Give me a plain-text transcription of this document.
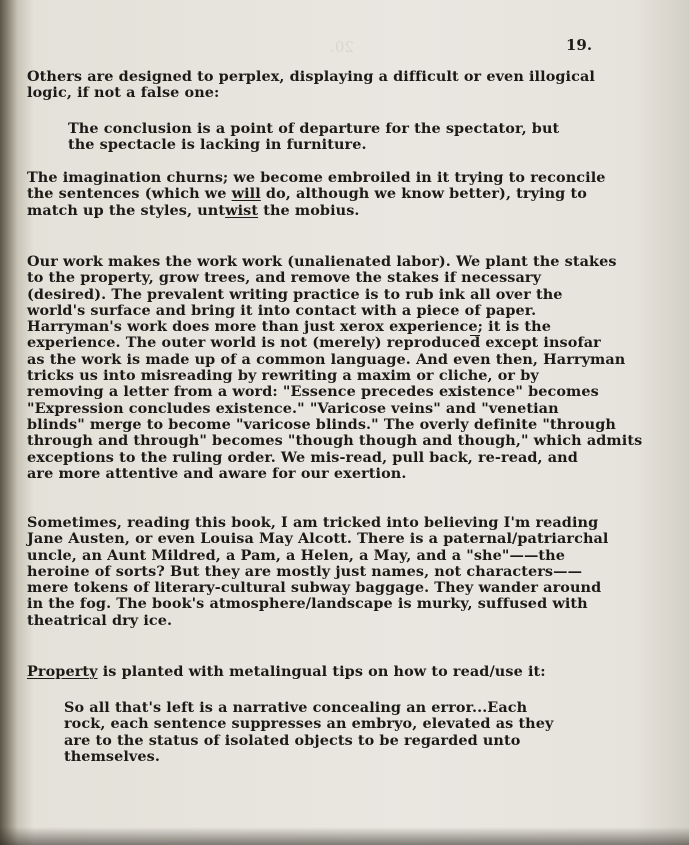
20.	19.
Others are designed to perplex, displaying a difficult or even illogical
logic, if not a false one:
The conclusion is a point of departure for the spectator, but
the spectacle is lacking in furniture.
The imagination churns; we become embroiled in it trying to reconcile
the sentences (which we will do, although we know better), trying to
match up the styles, untwist the mobius.
Our work makes the work work (unalienated labor). We plant the stakes
to the property, grow trees, and remove the stakes if necessary
(desired). The prevalent writing practice is to rub ink all over the
world's surface and bring it into contact with a piece of paper.
Harryman's work does more than just xerox experience; it is the
experience. The outer world is not (merely) reproduced except insofar
as the work is made up of a common language. And even then, Harryman
tricks us into misreading by rewriting a maxim or cliche, or by
removing a letter from a word: "Essence precedes existence" becomes
"Expression concludes existence." "Varicose veins" and "venetian
blinds" merge to become "varicose blinds." The overly definite "through
through and through" becomes "though though and though," which admits
exceptions to the ruling order. We mis-read, pull back, re-read, and
are more attentive and aware for our exertion.
Sometimes, reading this book, I am tricked into believing I'm reading
Jane Austen, or even Louisa May Alcott. There is a paternal/patriarchal
uncle, an Aunt Mildred, a Pam, a Helen, a May, and a "she"——the
heroine of sorts? But they are mostly just names, not characters——
mere tokens of literary-cultural subway baggage. They wander around
in the fog. The book's atmosphere/landscape is murky, suffused with
theatrical dry ice.
Property is planted with metalingual tips on how to read/use it:
So all that's left is a narrative concealing an error...Each
rock, each sentence suppresses an embryo, elevated as they
are to the status of isolated objects to be regarded unto
themselves.
